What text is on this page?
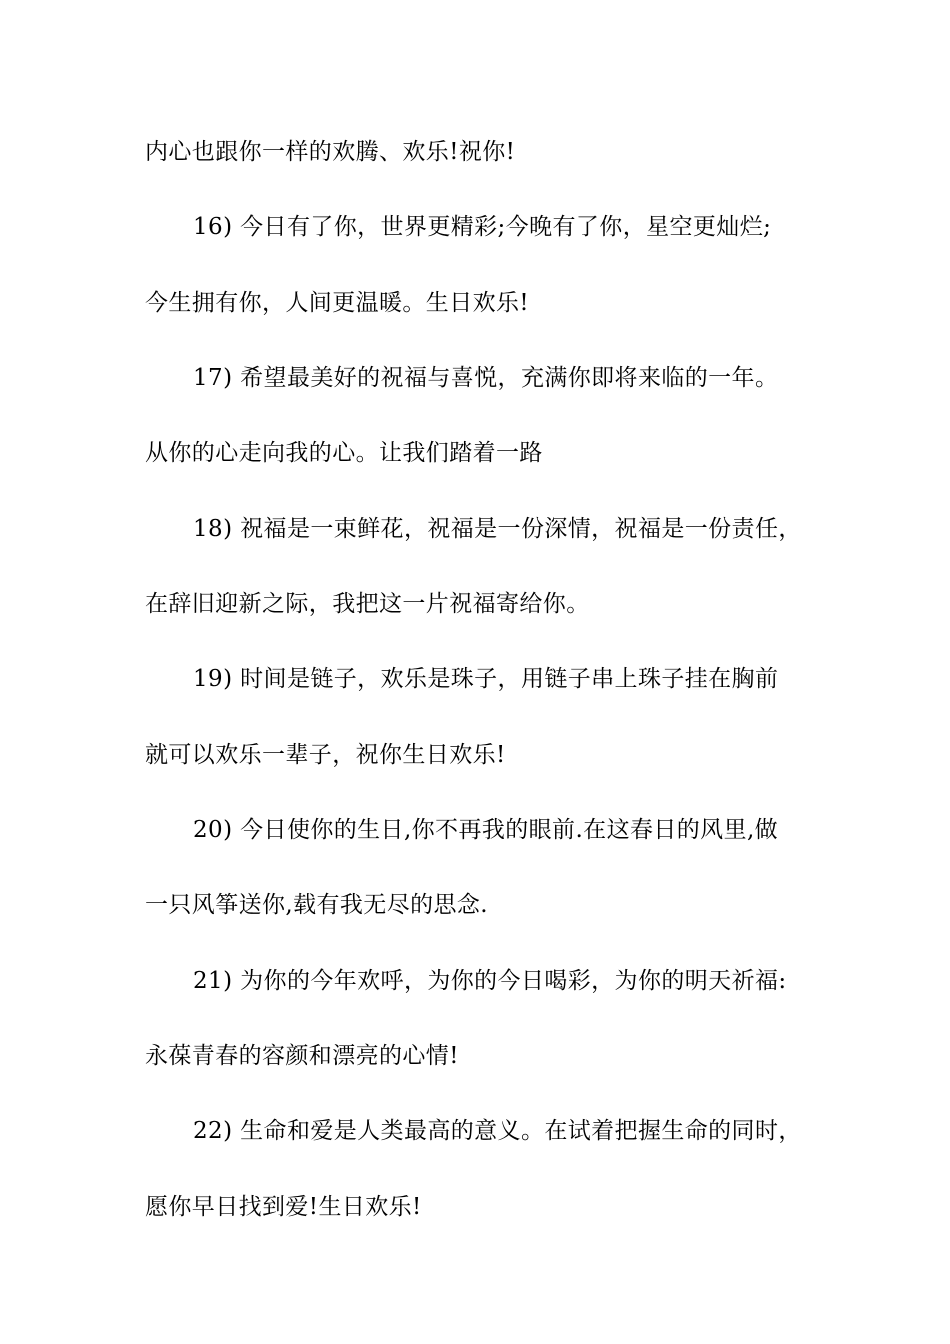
内心也跟你一样的欢腾、欢乐!祝你!
16) 今日有了你，世界更精彩;今晚有了你，星空更灿烂;
今生拥有你，人间更温暖。生日欢乐!
17) 希望最美好的祝福与喜悦，充满你即将来临的一年。
从你的心走向我的心。让我们踏着一路
18) 祝福是一束鲜花，祝福是一份深情，祝福是一份责任，
在辞旧迎新之际，我把这一片祝福寄给你。
19) 时间是链子，欢乐是珠子，用链子串上珠子挂在胸前
就可以欢乐一辈子，祝你生日欢乐!
20) 今日使你的生日,你不再我的眼前.在这春日的风里,做
一只风筝送你,载有我无尽的思念.
21) 为你的今年欢呼，为你的今日喝彩，为你的明天祈福:
永葆青春的容颜和漂亮的心情!
22) 生命和爱是人类最高的意义。在试着把握生命的同时，
愿你早日找到爱!生日欢乐!
